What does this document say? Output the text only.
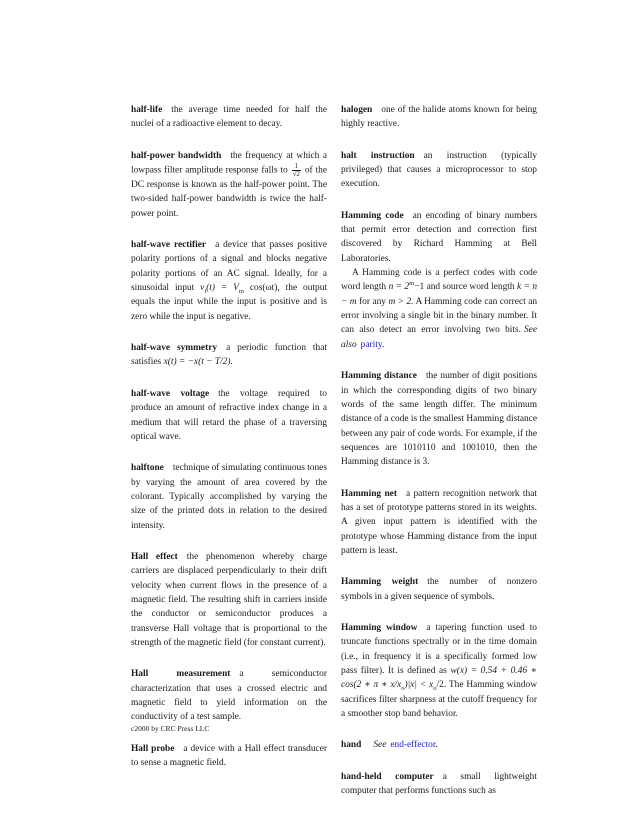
half-life the average time needed for half the nuclei of a radioactive element to decay.
half-power bandwidth the frequency at which a lowpass filter amplitude response falls to $\frac{1}{√2}$ of the DC response is known as the half-power point. The two-sided half-power bandwidth is twice the half-power point.
half-wave rectifier a device that passes positive polarity portions of a signal and blocks negative polarity portions of an AC signal. Ideally, for a sinusoidal input $v_i(t) = V_m$ cos(ωt), the output equals the input while the input is positive and is zero while the input is negative.
half-wave symmetry a periodic function that satisfies x(t) = −x(t − T/2).
half-wave voltage the voltage required to produce an amount of refractive index change in a medium that will retard the phase of a traversing optical wave.
halftone technique of simulating continuous tones by varying the amount of area covered by the colorant. Typically accomplished by varying the size of the printed dots in relation to the desired intensity.
Hall effect the phenomenon whereby charge carriers are displaced perpendicularly to their drift velocity when current flows in the presence of a magnetic field. The resulting shift in carriers inside the conductor or semiconductor produces a transverse Hall voltage that is proportional to the strength of the magnetic field (for constant current).
Hall measurement a semiconductor characterization that uses a crossed electric and magnetic field to yield information on the conductivity of a test sample.
Hall probe a device with a Hall effect transducer to sense a magnetic field.
halogen one of the halide atoms known for being highly reactive.
halt instruction an instruction (typically privileged) that causes a microprocessor to stop execution.

Hamming code an encoding of binary numbers that permit error detection and correction first discovered by Richard Hamming at Bell Laboratories.

A Hamming code is a perfect codes with code word length $n = 2^m-1$ and source word length k = n − m for any m > 2. A Hamming code can correct an error involving a single bit in the binary number. It can also detect an error involving two bits. See also parity.

Hamming distance the number of digit positions in which the corresponding digits of two binary words of the same length differ. The minimum distance of a code is the smallest Hamming distance between any pair of code words. For example, if the sequences are 1010110 and 1001010, then the Hamming distance is 3.
Hamming net a pattern recognition network that has a set of prototype patterns stored in its weights. A given input pattern is identified with the prototype whose Hamming distance from the input pattern is least.
Hamming weight the number of nonzero symbols in a given sequence of symbols.
Hamming window a tapering function used to truncate functions spectrally or in the time domain (i.e., in frequency it is a specifically formed low pass filter). It is defined as w(x) = 0.54 + 0.46 ∗ cos(2 ∗ π ∗ $x/x_o)|x| < x_o/2$. The Hamming window sacrifices filter sharpness at the cutoff frequency for a smoother stop band behavior.
hand See end-effector.
hand-held computer a small lightweight computer that performs functions such as
c2000 by CRC Press LLC
